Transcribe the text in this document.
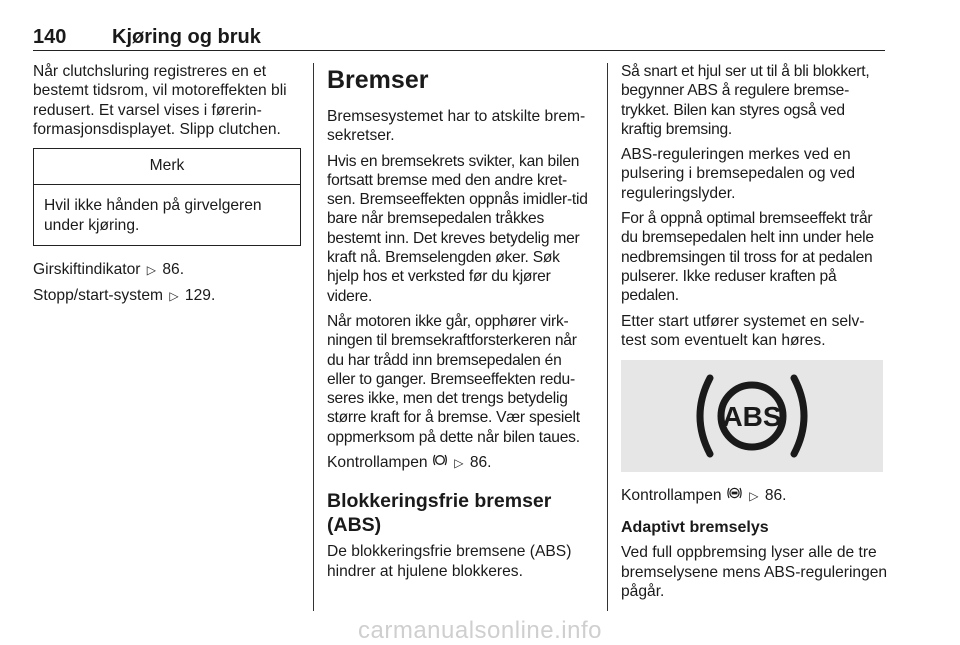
140 Kjøring og bruk

Når clutchsluring registreres en et bestemt tidsrom, vil motoreffekten bli redusert. Et varsel vises i førerin-formasjonsdisplayet. Slipp clutchen.

Merk
Hvil ikke hånden på girvelgeren under kjøring.

Girskiftindikator ▷ 86.

Stopp/start-system ▷ 129.

Bremser

Bremsesystemet har to atskilte brem-sekretser.

Hvis en bremsekrets svikter, kan bilen fortsatt bremse med den andre kret-sen. Bremseeffekten oppnås imidler-tid bare når bremsepedalen tråkkes bestemt inn. Det kreves betydelig mer kraft nå. Bremselengden øker. Søk hjelp hos et verksted før du kjører videre.

Når motoren ikke går, opphører virk-ningen til bremsekraftforsterkeren når du har trådd inn bremsepedalen én eller to ganger. Bremseeffekten redu-seres ikke, men det trengs betydelig større kraft for å bremse. Vær spesielt oppmerksom på dette når bilen taues.

Kontrollampen ▷ 86.

Blokkeringsfrie bremser (ABS)

De blokkeringsfrie bremsene (ABS) hindrer at hjulene blokkeres.

Så snart et hjul ser ut til å bli blokkert, begynner ABS å regulere bremse-trykket. Bilen kan styres også ved kraftig bremsing.

ABS-reguleringen merkes ved en pulsering i bremsepedalen og ved reguleringslyder.

For å oppnå optimal bremseeffekt trår du bremsepedalen helt inn under hele nedbremsingen til tross for at pedalen pulserer. Ikke reduser kraften på pedalen.

Etter start utfører systemet en selv-test som eventuelt kan høres.

ABS

Kontrollampen ▷ 86.

Adaptivt bremselys

Ved full oppbremsing lyser alle de tre bremselysene mens ABS-reguleringen pågår.

carmanualsonline.info
